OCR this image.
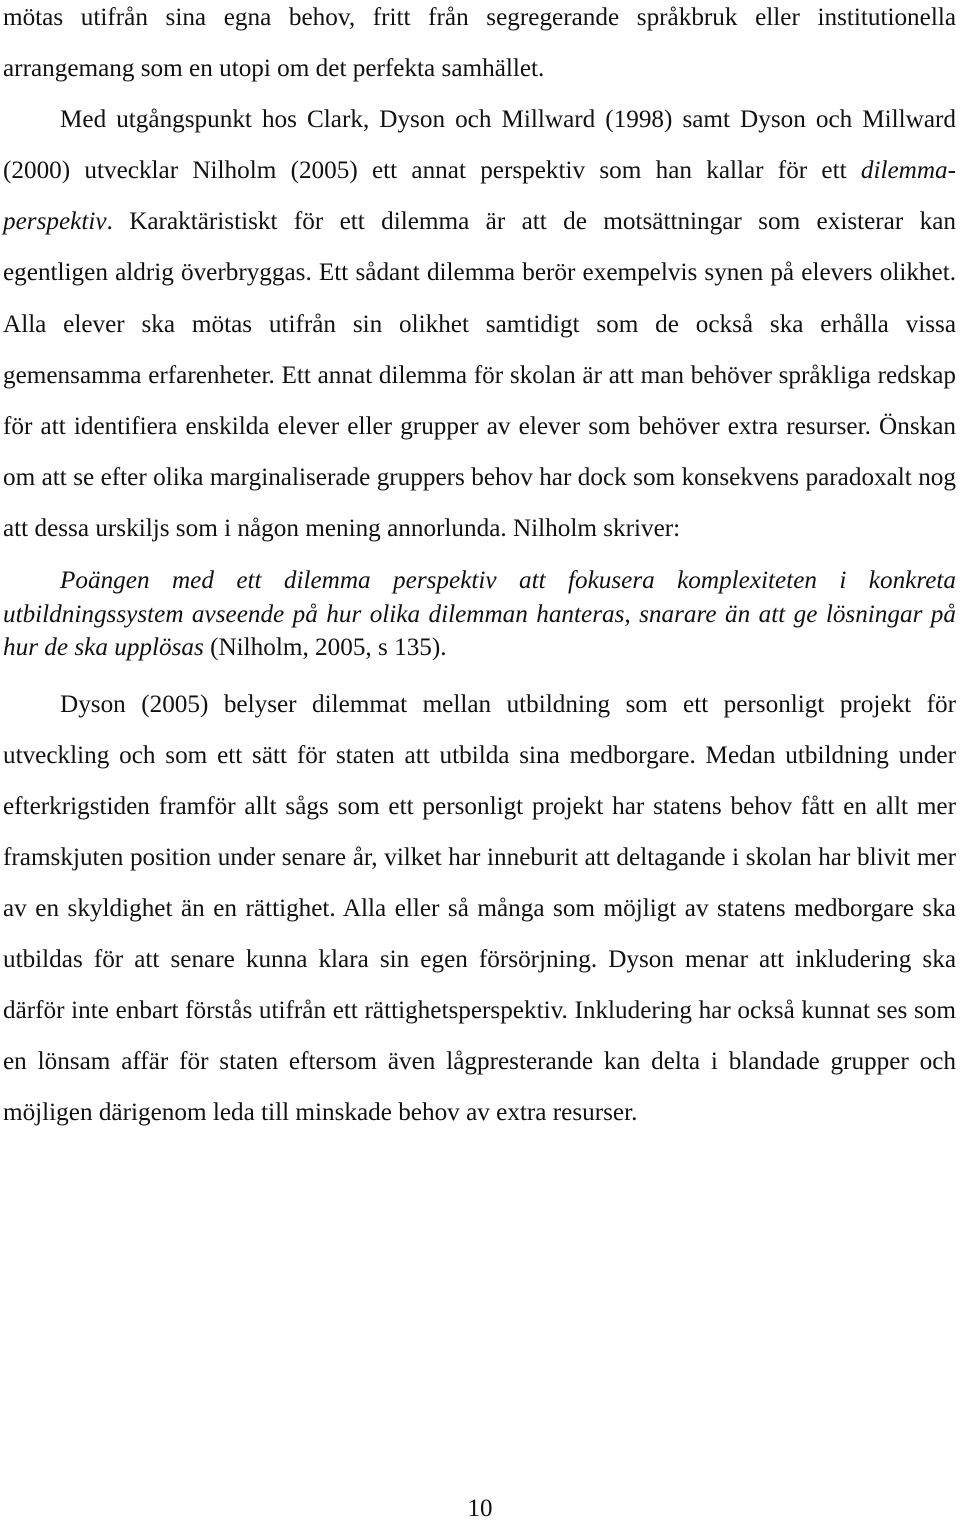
mötas utifrån sina egna behov, fritt från segregerande språkbruk eller institutionella arrangemang som en utopi om det perfekta samhället.

Med utgångspunkt hos Clark, Dyson och Millward (1998) samt Dyson och Millward (2000) utvecklar Nilholm (2005) ett annat perspektiv som han kallar för ett dilemma-perspektiv. Karaktäristiskt för ett dilemma är att de motsättningar som existerar kan egentligen aldrig överbryggas. Ett sådant dilemma berör exempelvis synen på elevers olikhet. Alla elever ska mötas utifrån sin olikhet samtidigt som de också ska erhålla vissa gemensamma erfarenheter. Ett annat dilemma för skolan är att man behöver språkliga redskap för att identifiera enskilda elever eller grupper av elever som behöver extra resurser. Önskan om att se efter olika marginaliserade gruppers behov har dock som konsekvens paradoxalt nog att dessa urskiljs som i någon mening annorlunda. Nilholm skriver:

Poängen med ett dilemma perspektiv att fokusera komplexiteten i konkreta utbildningssystem avseende på hur olika dilemman hanteras, snarare än att ge lösningar på hur de ska upplösas (Nilholm, 2005, s 135).

Dyson (2005) belyser dilemmat mellan utbildning som ett personligt projekt för utveckling och som ett sätt för staten att utbilda sina medborgare. Medan utbildning under efterkrigstiden framför allt sågs som ett personligt projekt har statens behov fått en allt mer framskjuten position under senare år, vilket har inneburit att deltagande i skolan har blivit mer av en skyldighet än en rättighet. Alla eller så många som möjligt av statens medborgare ska utbildas för att senare kunna klara sin egen försörjning. Dyson menar att inkludering ska därför inte enbart förstås utifrån ett rättighetsperspektiv. Inkludering har också kunnat ses som en lönsam affär för staten eftersom även lågpresterande kan delta i blandade grupper och möjligen därigenom leda till minskade behov av extra resurser.

10
